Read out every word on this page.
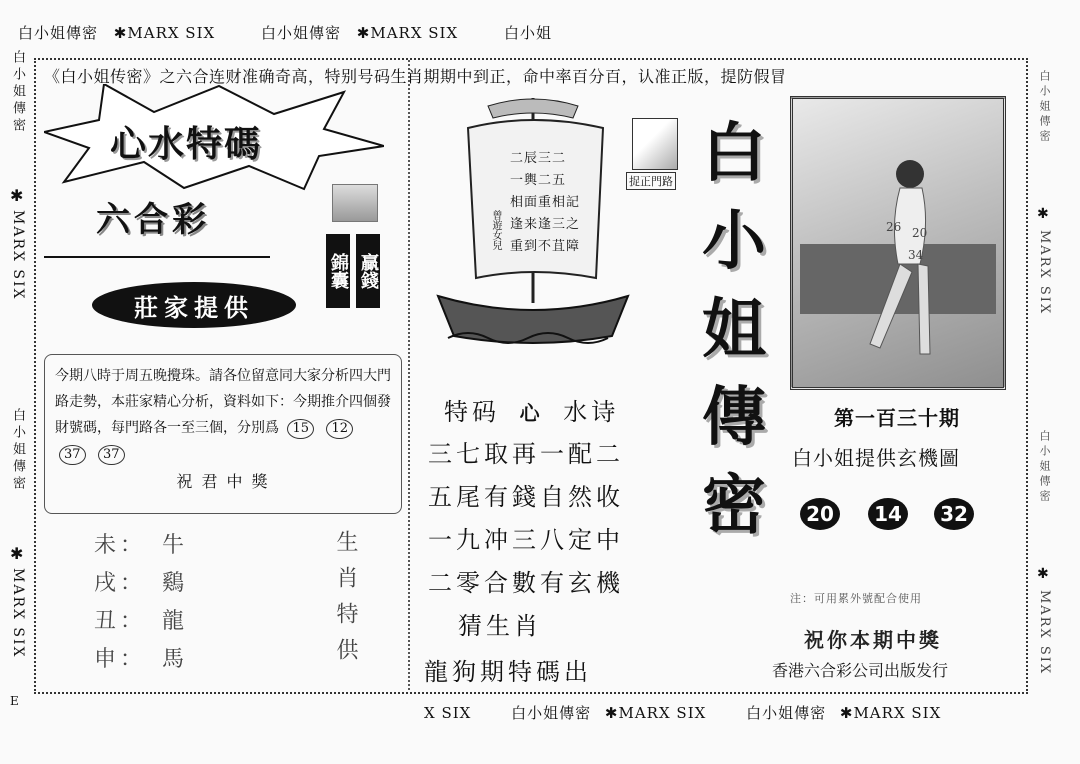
白小姐傳密 ✱MARX SIX	白小姐傳密 ✱MARX SIX	白小姐
白小姐傳密
✱
MARX SIX
白小姐傳密
✱
MARX SIX
E
白小姐傳密
✱
MARX SIX
白小姐傳密
✱
MARX SIX
《白小姐传密》之六合连财准确奇高，特别号码生肖期期中到正，命中率百分百，认准正版，提防假冒
心水特碼
六合彩
錦囊 贏錢
莊家提供
今期八時于周五晚攪珠。請各位留意同大家分析四大門路走勢，本莊家精心分析，資料如下：今期推介四個發財號碼，每門路各一至三個，分別爲 15 12 37 37
祝 君 中 獎
未 ： 牛
戌 ： 鷄
丑 ： 龍
申 ： 馬	生肖特供
二辰三二
一輿二五
相面重相記
逢来逢三之
重到不苴障
曾遊女兒
捉正門路
特码 心 水诗
三七取再一配二
五尾有錢自然收
一九冲三八定中
二零合數有玄機
猜生肖
龍狗期特碼出
白小姐傳密
26 20
34
第一百三十期
白小姐提供玄機圖
20	14	32
注：可用累外號配合使用
祝你本期中獎
香港六合彩公司出版发行
X SIX	白小姐傳密 ✱MARX SIX	白小姐傳密 ✱MARX SIX
